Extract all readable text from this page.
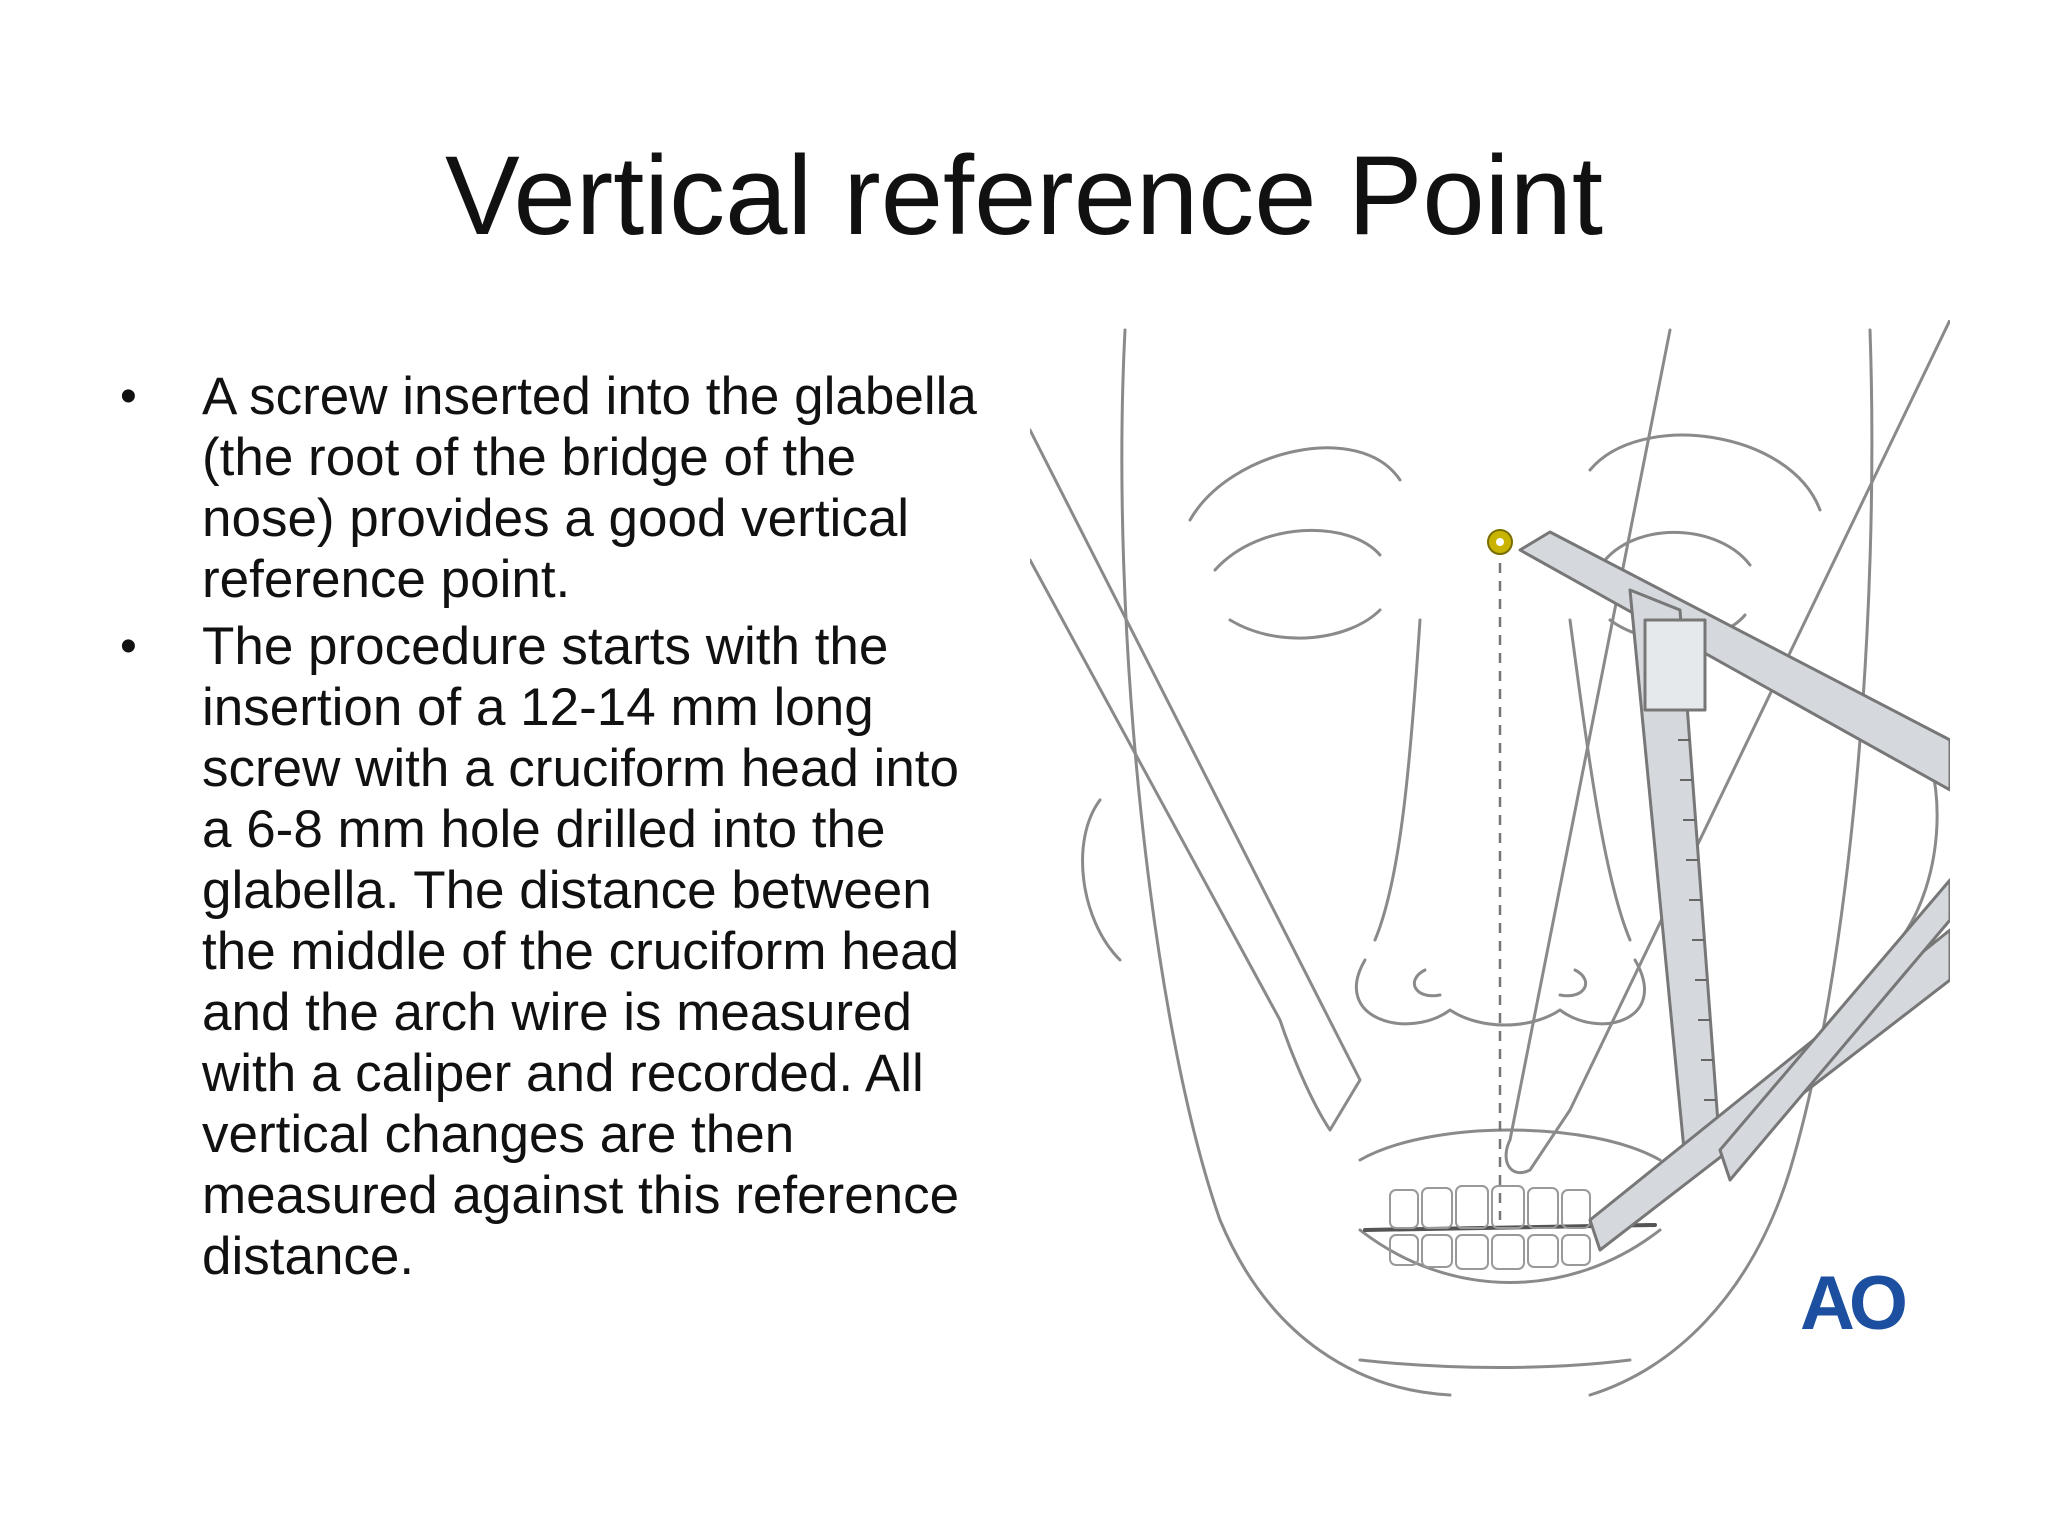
Vertical reference Point
•	A screw inserted into the glabella (the root of the bridge of the nose) provides a good vertical reference point.
•	The procedure starts with the insertion of a 12-14 mm long screw with a cruciform head into a 6-8 mm hole drilled into the glabella. The distance between the middle of the cruciform head and the arch wire is measured with a caliper and recorded. All vertical changes are then measured against this reference distance.
AO
